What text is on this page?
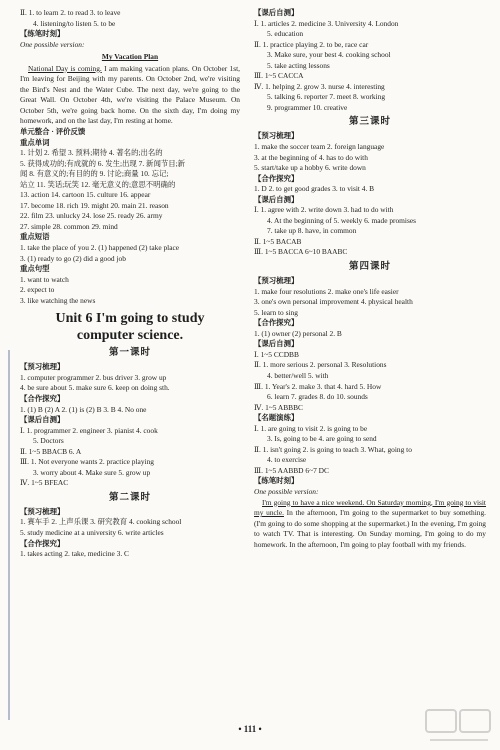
Ⅱ. 1. to learn 2. to read 3. to leave
4. listening/to listen 5. to be
【练笔时刻】
One possible version:
My Vacation Plan
National Day is coming. I am making vacation plans. On October 1st, I'm leaving for Beijing with my parents. On October 2nd, we're visiting the Bird's Nest and the Water Cube. The next day, we're going to the Great Wall. On October 4th, we're visiting the Palace Museum. On October 5th, we're going back home. On the sixth day, I'm doing my homework, and on the last day, I'm resting at home.
单元整合 · 评价反馈
重点单词
1. 计划 2. 希望 3. 预料;期待 4. 著名的;出名的
5. 获得成功的;有成就的 6. 发生;出现 7. 新闻节目;新
闻 8. 有意义的;有目的的 9. 讨论;商量 10. 忘记;
站立 11. 笑话;玩笑 12. 毫无意义的;意思不明确的
13. action 14. cartoon 15. culture 16. appear
17. become 18. rich 19. might 20. main 21. reason
22. film 23. unlucky 24. lose 25. ready 26. army
27. simple 28. common 29. mind
重点短语
1. take the place of you 2. (1) happened (2) take place
3. (1) ready to go (2) did a good job
重点句型
1. want to watch
2. expect to
3. like watching the news
Unit 6 I'm going to study
computer science.
第一课时
【预习梳理】
1. computer programmer 2. bus driver 3. grow up
4. be sure about 5. make sure 6. keep on doing sth.
【合作探究】
1. (1) B (2) A 2. (1) is (2) B 3. B 4. No one
【课后自测】
Ⅰ. 1. programmer 2. engineer 3. pianist 4. cook
5. Doctors
Ⅱ. 1~5 BBACB 6. A
Ⅲ. 1. Not everyone wants 2. practice playing
3. worry about 4. Make sure 5. grow up
Ⅳ. 1~5 BFEAC
第二课时
【预习梳理】
1. 赛车手 2. 上声乐课 3. 研究教育 4. cooking school
5. study medicine at a university 6. write articles
【合作探究】
1. takes acting 2. take, medicine 3. C
【课后自测】
Ⅰ. 1. articles 2. medicine 3. University 4. London
5. education
Ⅱ. 1. practice playing 2. to be, race car
3. Make sure, your best 4. cooking school
5. take acting lessons
Ⅲ. 1~5 CACCA
Ⅳ. 1. helping 2. grow 3. nurse 4. interesting
5. talking 6. reporter 7. meet 8. working
9. programmer 10. creative
第三课时
【预习梳理】
1. make the soccer team 2. foreign language
3. at the beginning of 4. has to do with
5. start/take up a hobby 6. write down
【合作探究】
1. D 2. to get good grades 3. to visit 4. B
【课后自测】
Ⅰ. 1. agree with 2. write down 3. had to do with
4. At the beginning of 5. weekly 6. made promises
7. take up 8. have, in common
Ⅱ. 1~5 BACAB
Ⅲ. 1~5 BACCA 6~10 BAABC
第四课时
【预习梳理】
1. make four resolutions 2. make one's life easier
3. one's own personal improvement 4. physical health
5. learn to sing
【合作探究】
1. (1) owner (2) personal 2. B
【课后自测】
Ⅰ. 1~5 CCDBB
Ⅱ. 1. more serious 2. personal 3. Resolutions
4. better/well 5. with
Ⅲ. 1. Year's 2. make 3. that 4. hard 5. How
6. learn 7. grades 8. do 10. sounds
Ⅳ. 1~5 ABBBC
【名题演练】
Ⅰ. 1. are going to visit 2. is going to be
3. Is, going to be 4. are going to send
Ⅱ. 1. isn't going 2. is going to teach 3. What, going to
4. to exercise
Ⅲ. 1~5 AABBD 6~7 DC
【练笔时刻】
One possible version:
I'm going to have a nice weekend. On Saturday morning, I'm going to visit my uncle. In the afternoon, I'm going to the supermarket to buy something. (I'm going to do some shopping at the supermarket.) In the evening, I'm going to watch TV. That is interesting. On Sunday morning, I'm going to do my homework. In the afternoon, I'm going to play football with my friends.
• 111 •
